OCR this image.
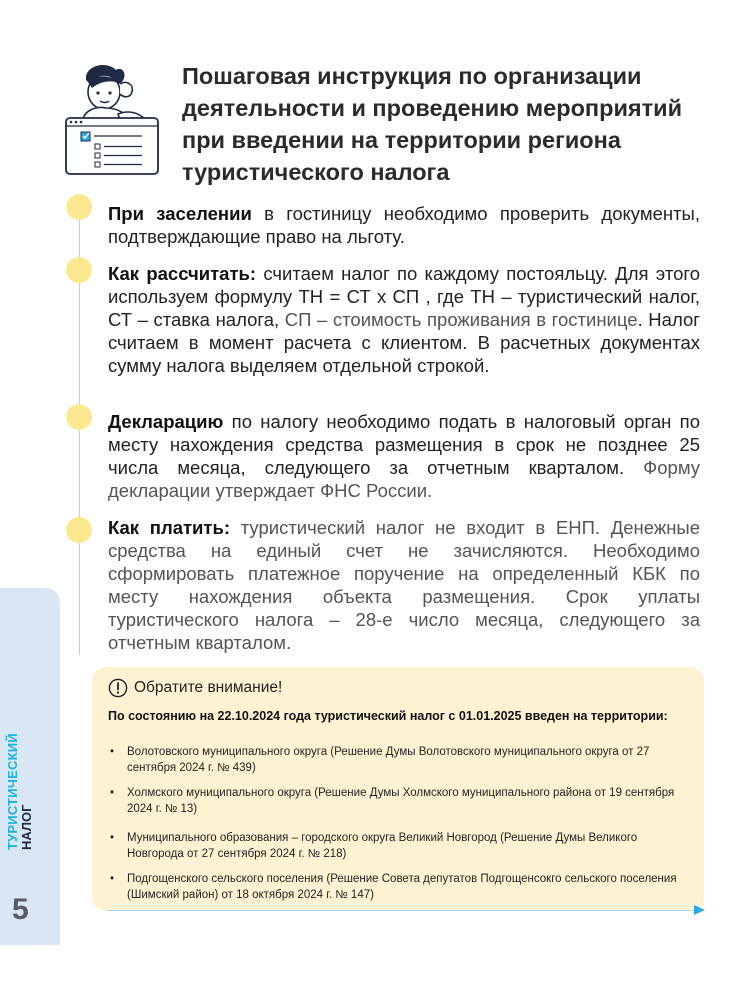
ТУРИСТИЧЕСКИЙ НАЛОГ
5
Пошаговая инструкция по организации деятельности и проведению мероприятий при введении на территории региона туристического налога

При заселении в гостиницу необходимо проверить документы, подтверждающие право на льготу.

Как рассчитать: считаем налог по каждому постояльцу. Для этого используем формулу ТН = СТ х СП , где ТН – туристический налог, СТ – ставка налога, СП – стоимость проживания в гостинице. Налог считаем в момент расчета с клиентом. В расчетных документах сумму налога выделяем отдельной строкой.

Декларацию по налогу необходимо подать в налоговый орган по месту нахождения средства размещения в срок не позднее 25 числа месяца, следующего за отчетным кварталом. Форму декларации утверждает ФНС России.

Как платить: туристический налог не входит в ЕНП. Денежные средства на единый счет не зачисляются. Необходимо сформировать платежное поручение на определенный КБК по месту нахождения объекта размещения. Срок уплаты туристического налога – 28-е число месяца, следующего за отчетным кварталом.

Обратите внимание!

По состоянию на 22.10.2024 года туристический налог с 01.01.2025 введен на территории:

• Волотовского муниципального округа (Решение Думы Волотовского муниципального округа от 27 сентября 2024 г. № 439)
• Холмского муниципального округа (Решение Думы Холмского муниципального района от 19 сентября 2024 г. № 13)
• Муниципального образования – городского округа Великий Новгород (Решение Думы Великого Новгорода от 27 сентября 2024 г. № 218)
• Подгощенского сельского поселения (Решение Совета депутатов Подгощенсокго сельского поселения (Шимский район) от 18 октября 2024 г. № 147)
